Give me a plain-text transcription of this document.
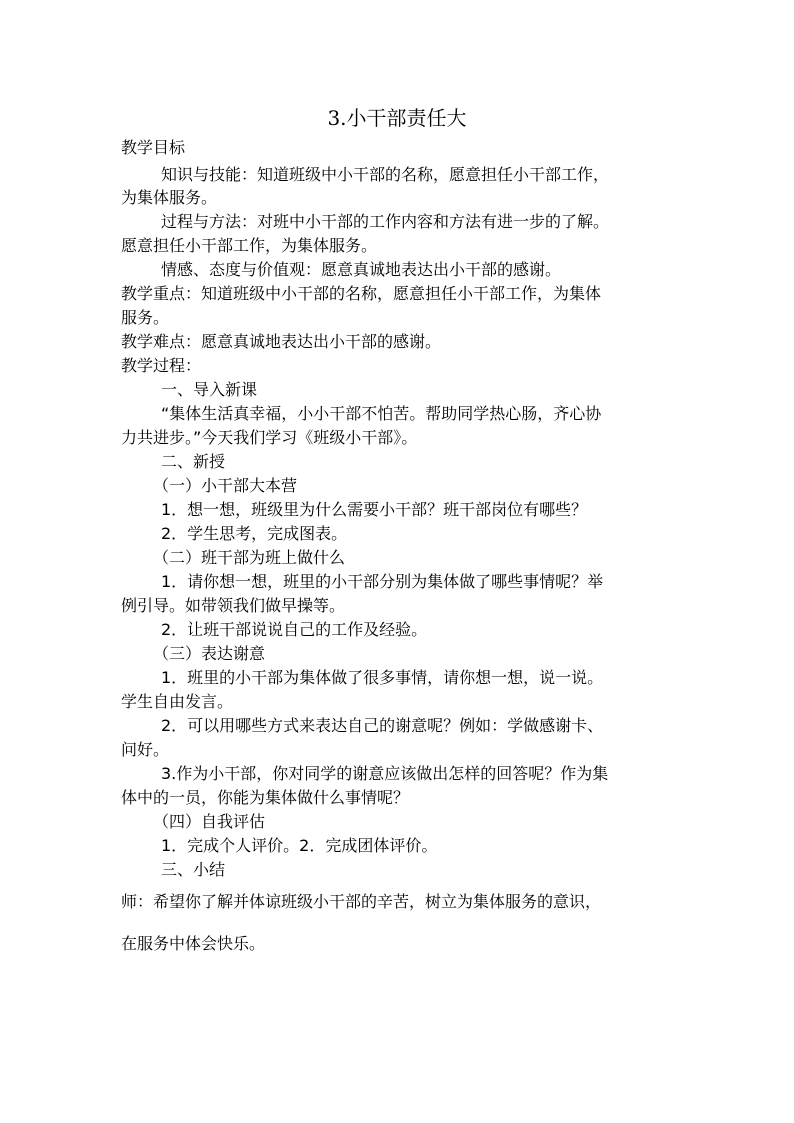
3.小干部责任大
教学目标
知识与技能：知道班级中小干部的名称，愿意担任小干部工作，
为集体服务。
过程与方法：对班中小干部的工作内容和方法有进一步的了解。
愿意担任小干部工作，为集体服务。
情感、态度与价值观：愿意真诚地表达出小干部的感谢。
教学重点：知道班级中小干部的名称，愿意担任小干部工作，为集体
服务。
教学难点：愿意真诚地表达出小干部的感谢。
教学过程：
一、导入新课
“集体生活真幸福，小小干部不怕苦。帮助同学热心肠，齐心协
力共进步。”今天我们学习《班级小干部》。
二、新授
（一）小干部大本营
1．想一想，班级里为什么需要小干部？班干部岗位有哪些？
2．学生思考，完成图表。
（二）班干部为班上做什么
1．请你想一想，班里的小干部分别为集体做了哪些事情呢？举
例引导。如带领我们做早操等。
2．让班干部说说自己的工作及经验。
（三）表达谢意
1．班里的小干部为集体做了很多事情，请你想一想，说一说。
学生自由发言。
2．可以用哪些方式来表达自己的谢意呢？例如：学做感谢卡、
问好。
3.作为小干部，你对同学的谢意应该做出怎样的回答呢？作为集
体中的一员，你能为集体做什么事情呢？
（四）自我评估
1．完成个人评价。2．完成团体评价。
三、小结
师：希望你了解并体谅班级小干部的辛苦，树立为集体服务的意识，
在服务中体会快乐。
